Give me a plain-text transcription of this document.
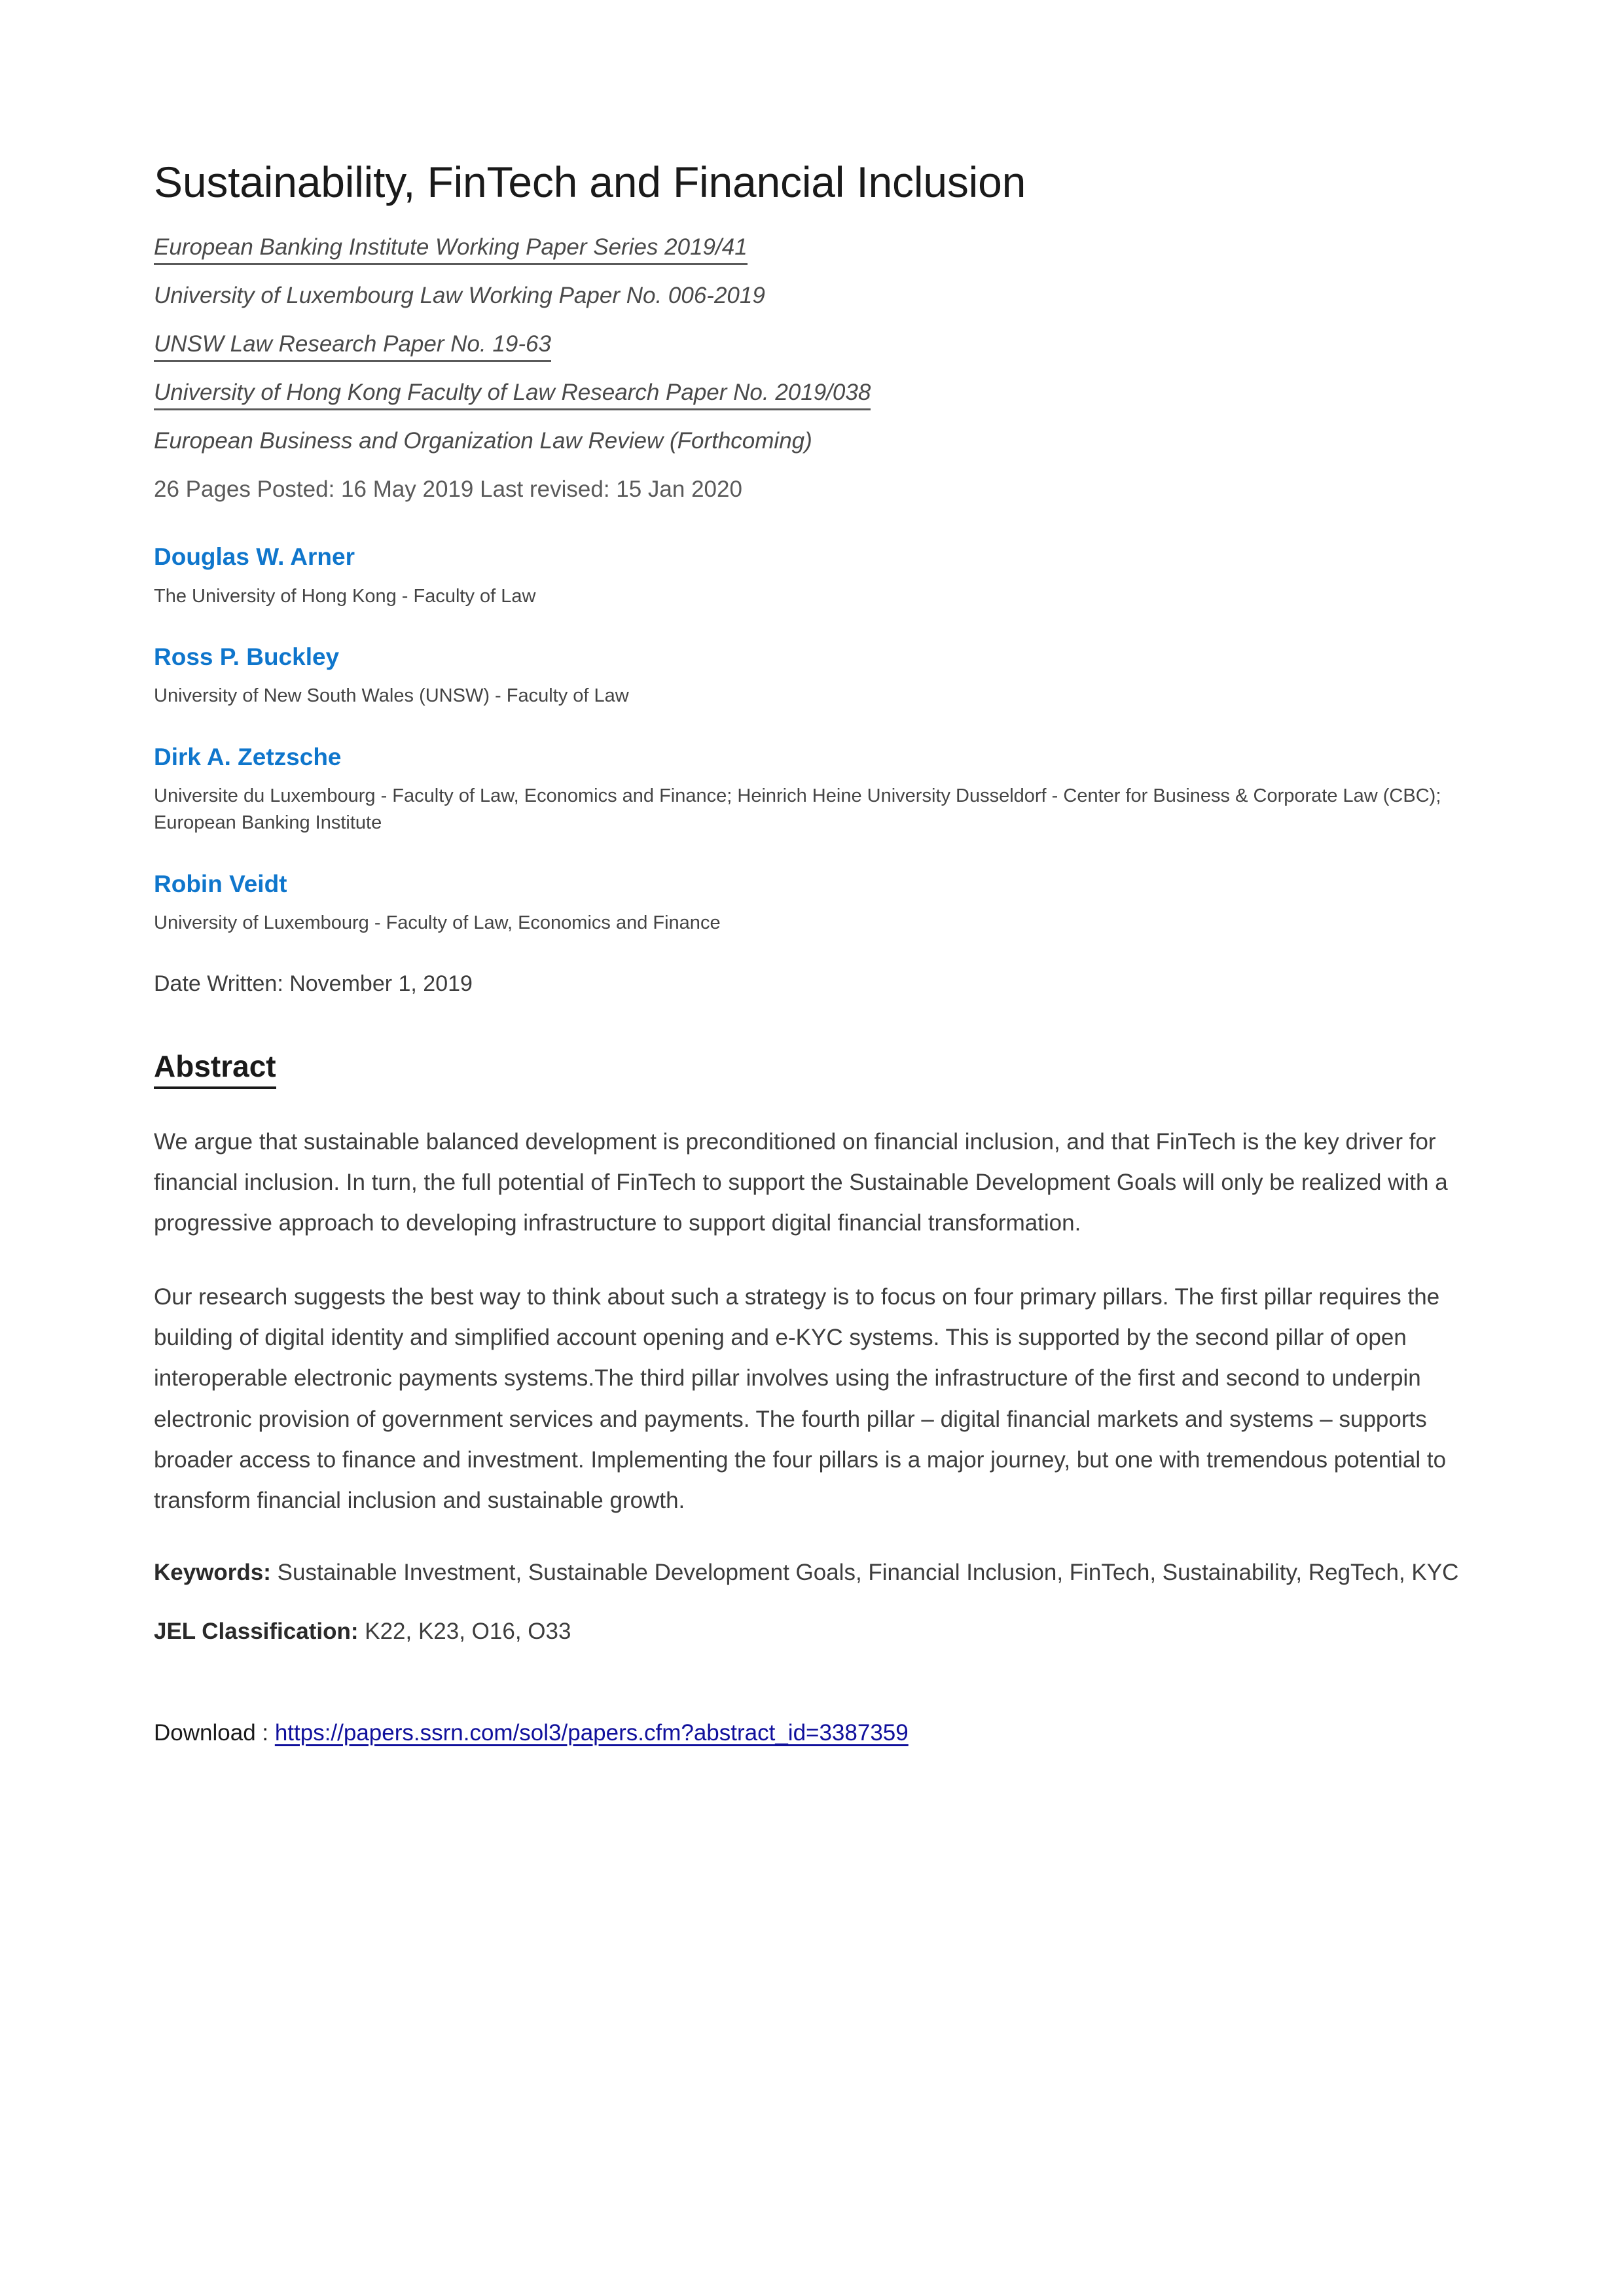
Sustainability, FinTech and Financial Inclusion
European Banking Institute Working Paper Series 2019/41
University of Luxembourg Law Working Paper No. 006-2019
UNSW Law Research Paper No. 19-63
University of Hong Kong Faculty of Law Research Paper No. 2019/038
European Business and Organization Law Review (Forthcoming)
26 Pages Posted: 16 May 2019 Last revised: 15 Jan 2020
Douglas W. Arner

The University of Hong Kong - Faculty of Law

Ross P. Buckley

University of New South Wales (UNSW) - Faculty of Law

Dirk A. Zetzsche

Universite du Luxembourg - Faculty of Law, Economics and Finance; Heinrich Heine University Dusseldorf - Center for Business & Corporate Law (CBC); European Banking Institute

Robin Veidt

University of Luxembourg - Faculty of Law, Economics and Finance

Date Written: November 1, 2019

Abstract

We argue that sustainable balanced development is preconditioned on financial inclusion, and that FinTech is the key driver for financial inclusion. In turn, the full potential of FinTech to support the Sustainable Development Goals will only be realized with a progressive approach to developing infrastructure to support digital financial transformation.

Our research suggests the best way to think about such a strategy is to focus on four primary pillars. The first pillar requires the building of digital identity and simplified account opening and e-KYC systems. This is supported by the second pillar of open interoperable electronic payments systems.The third pillar involves using the infrastructure of the first and second to underpin electronic provision of government services and payments. The fourth pillar – digital financial markets and systems – supports broader access to finance and investment. Implementing the four pillars is a major journey, but one with tremendous potential to transform financial inclusion and sustainable growth.

Keywords: Sustainable Investment, Sustainable Development Goals, Financial Inclusion, FinTech, Sustainability, RegTech, KYC

JEL Classification: K22, K23, O16, O33

Download : https://papers.ssrn.com/sol3/papers.cfm?abstract_id=3387359
